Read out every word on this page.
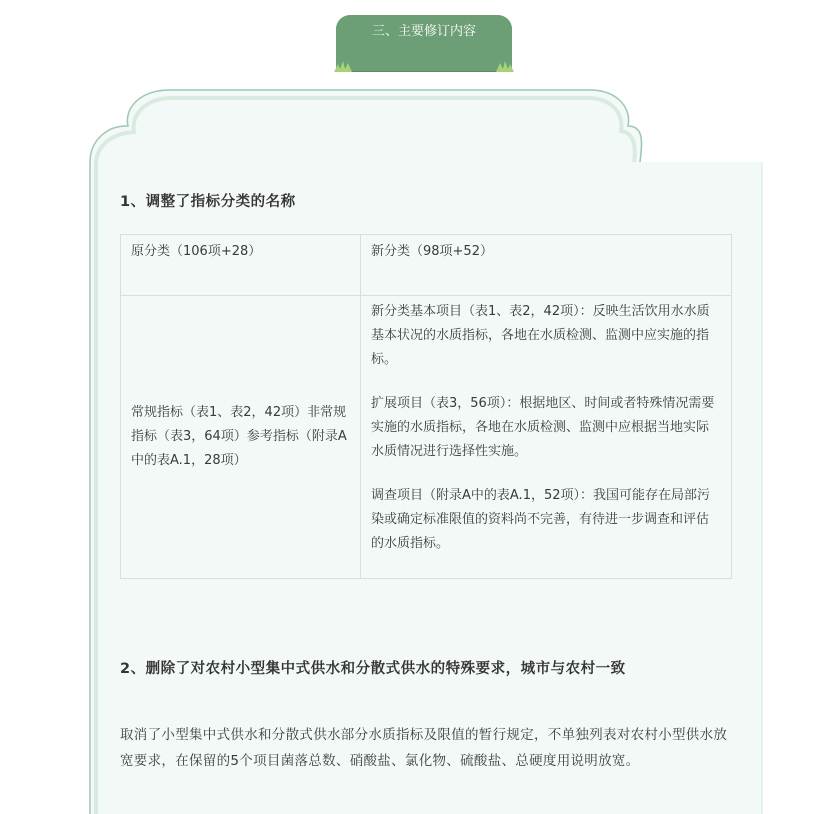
三、主要修订内容
1、调整了指标分类的名称
原分类（106项+28）	新分类（98项+52）
常规指标（表1、表2，42项）非常规指标（表3，64项）参考指标（附录A中的表A.1，28项）	新分类基本项目（表1、表2，42项）：反映生活饮用水水质基本状况的水质指标，各地在水质检测、监测中应实施的指标。
扩展项目（表3，56项）：根据地区、时间或者特殊情况需要实施的水质指标，各地在水质检测、监测中应根据当地实际水质情况进行选择性实施。
调查项目（附录A中的表A.1，52项）：我国可能存在局部污染或确定标准限值的资料尚不完善，有待进一步调查和评估的水质指标。
2、删除了对农村小型集中式供水和分散式供水的特殊要求，城市与农村一致
取消了小型集中式供水和分散式供水部分水质指标及限值的暂行规定，不单独列表对农村小型供水放宽要求，在保留的5个项目菌落总数、硝酸盐、氯化物、硫酸盐、总硬度用说明放宽。
